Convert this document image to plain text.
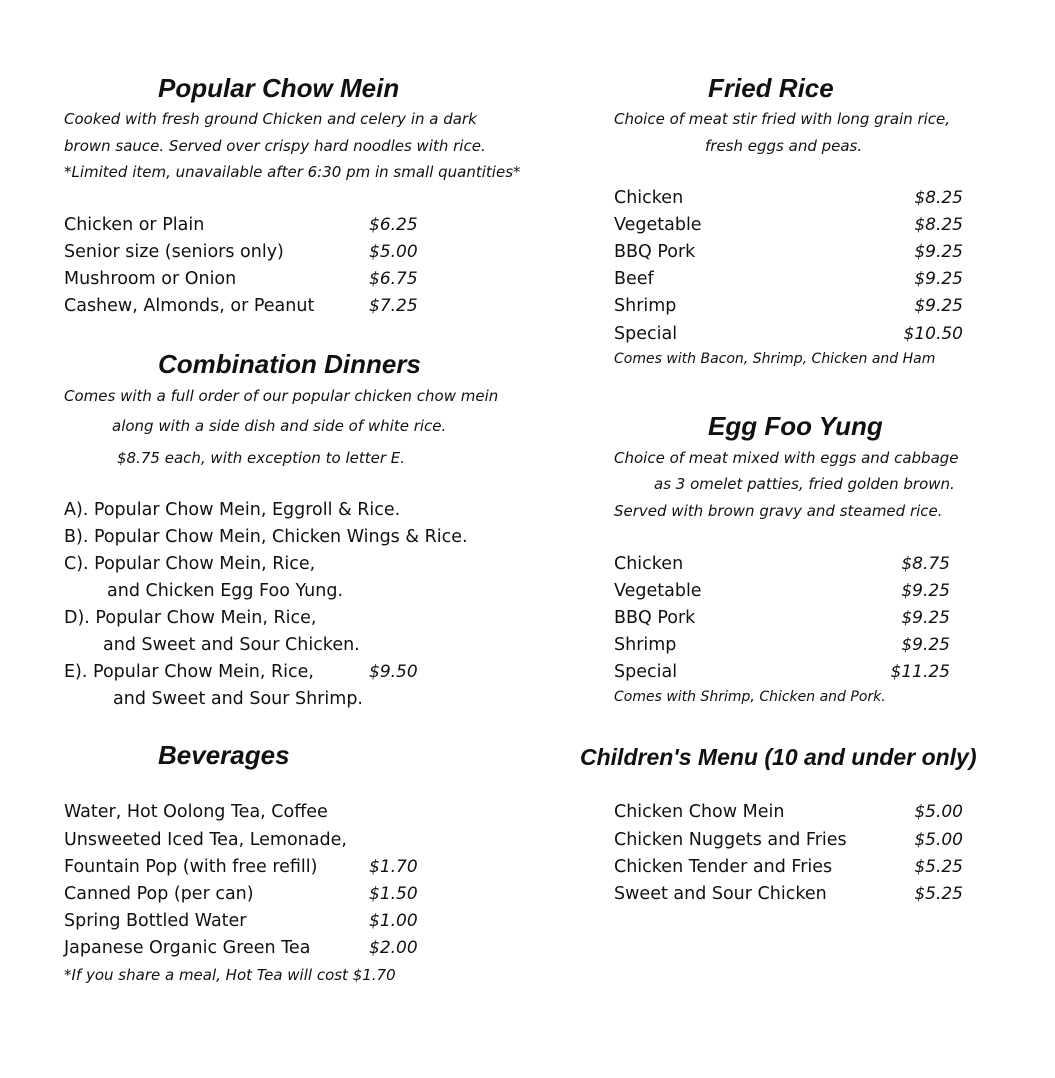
Popular Chow Mein
Cooked with fresh ground Chicken and celery in a dark
brown sauce. Served over crispy hard noodles with rice.
*Limited item, unavailable after 6:30 pm in small quantities*
Chicken or Plain	$6.25
Senior size (seniors only)	$5.00
Mushroom or Onion	$6.75
Cashew, Almonds, or Peanut	$7.25
Combination Dinners
Comes with a full order of our popular chicken chow mein
along with a side dish and side of white rice.
$8.75 each, with exception to letter E.
A). Popular Chow Mein, Eggroll & Rice.
B). Popular Chow Mein, Chicken Wings & Rice.
C). Popular Chow Mein, Rice,
and Chicken Egg Foo Yung.
D). Popular Chow Mein, Rice,
and Sweet and Sour Chicken.
E). Popular Chow Mein, Rice,	$9.50
and Sweet and Sour Shrimp.
Beverages
Water, Hot Oolong Tea, Coffee
Unsweeted Iced Tea, Lemonade,
Fountain Pop (with free refill)	$1.70
Canned Pop (per can)	$1.50
Spring Bottled Water	$1.00
Japanese Organic Green Tea	$2.00
*If you share a meal, Hot Tea will cost $1.70
Fried Rice
Choice of meat stir fried with long grain rice,
fresh eggs and peas.
Chicken	$8.25
Vegetable	$8.25
BBQ Pork	$9.25
Beef	$9.25
Shrimp	$9.25
Special	$10.50
Comes with Bacon, Shrimp, Chicken and Ham
Egg Foo Yung
Choice of meat mixed with eggs and cabbage
as 3 omelet patties, fried golden brown.
Served with brown gravy and steamed rice.
Chicken	$8.75
Vegetable	$9.25
BBQ Pork	$9.25
Shrimp	$9.25
Special	$11.25
Comes with Shrimp, Chicken and Pork.
Children's Menu (10 and under only)
Chicken Chow Mein	$5.00
Chicken Nuggets and Fries	$5.00
Chicken Tender and Fries	$5.25
Sweet and Sour Chicken	$5.25
